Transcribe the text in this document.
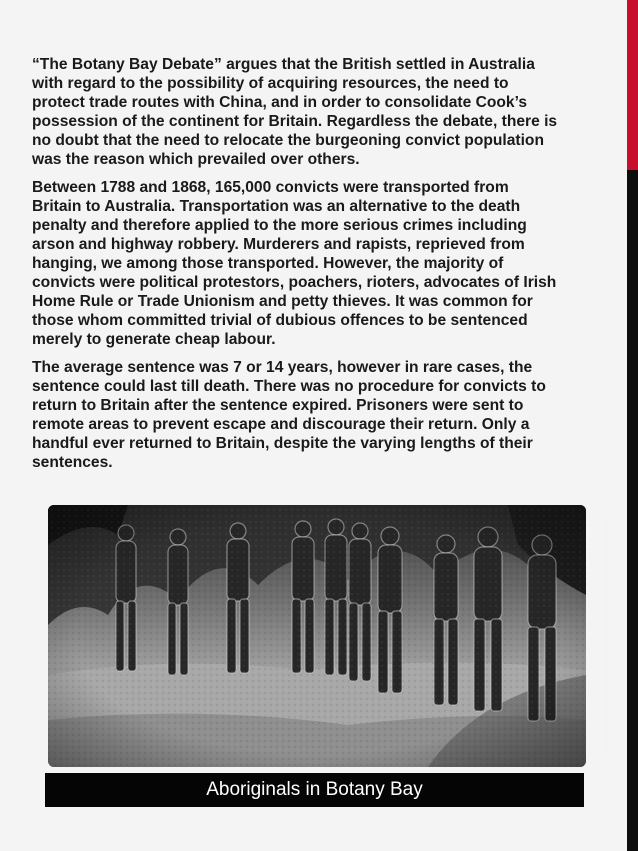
“The Botany Bay Debate” argues that the British settled in Australia
with regard to the possibility of acquiring resources, the need to
protect trade routes with China, and in order to consolidate Cook’s
possession of the continent for Britain. Regardless the debate, there is
no doubt that the need to relocate the burgeoning convict population
was the reason which prevailed over others.

Between 1788 and 1868, 165,000 convicts were transported from
Britain to Australia. Transportation was an alternative to the death
penalty and therefore applied to the more serious crimes including
arson and highway robbery. Murderers and rapists, reprieved from
hanging, we among those transported. However, the majority of
convicts were political protestors, poachers, rioters, advocates of Irish
Home Rule or Trade Unionism and petty thieves. It was common for
those whom committed trivial of dubious offences to be sentenced
merely to generate cheap labour.

The average sentence was 7 or 14 years, however in rare cases, the
sentence could last till death. There was no procedure for convicts to
return to Britain after the sentence expired. Prisoners were sent to
remote areas to prevent escape and discourage their return. Only a
handful ever returned to Britain, despite the varying lengths of their
sentences.

Aboriginals in Botany Bay
